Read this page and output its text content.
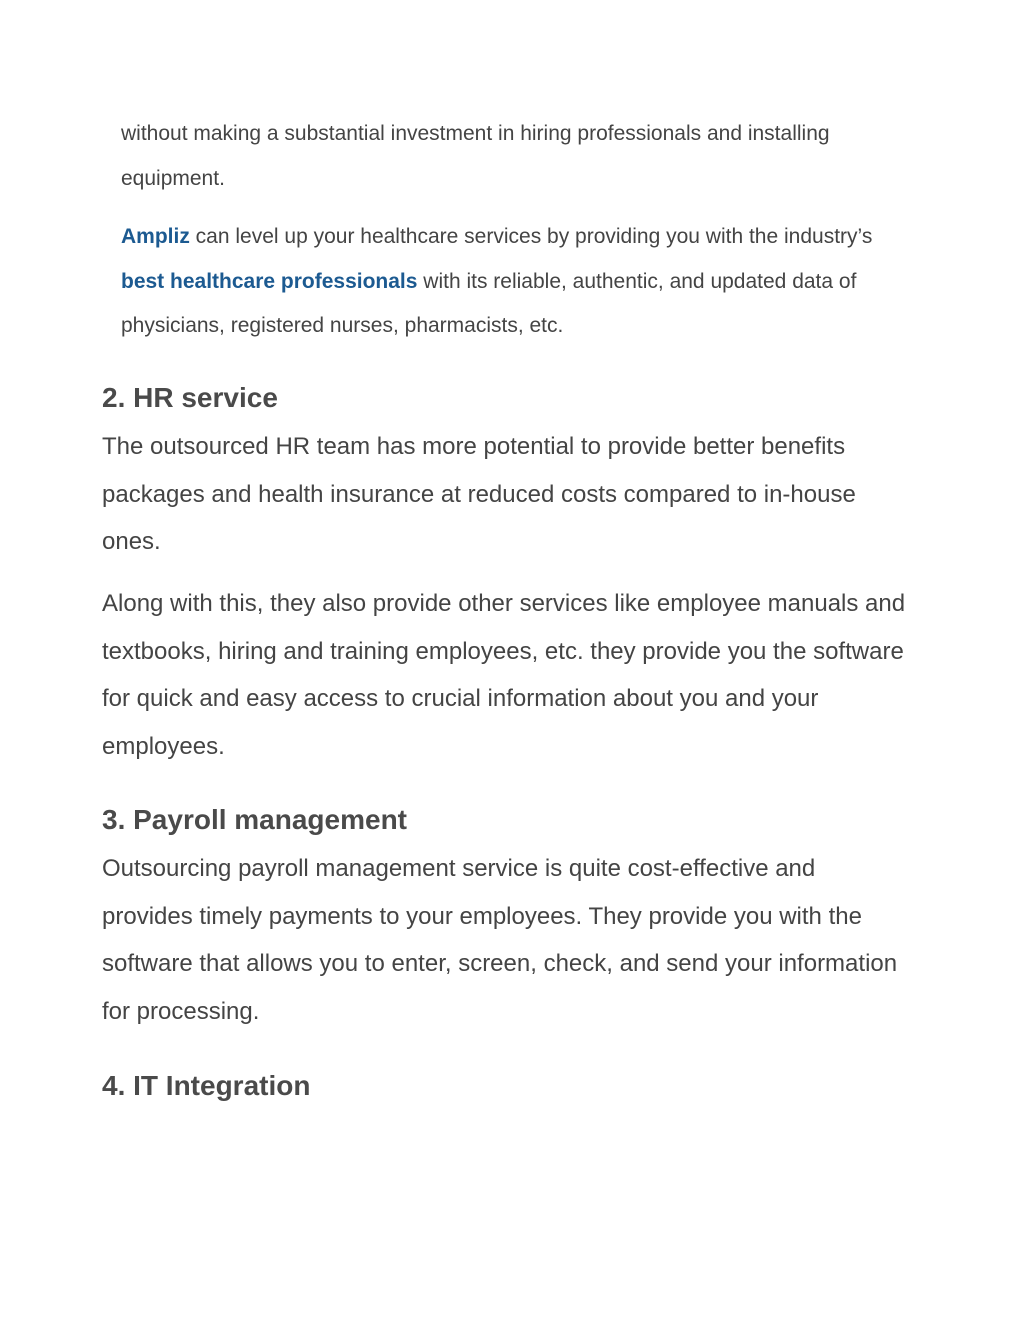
without making a substantial investment in hiring professionals and installing equipment.

Ampliz can level up your healthcare services by providing you with the industry’s best healthcare professionals with its reliable, authentic, and updated data of physicians, registered nurses, pharmacists, etc.

2. HR service

The outsourced HR team has more potential to provide better benefits packages and health insurance at reduced costs compared to in-house ones.

Along with this, they also provide other services like employee manuals and textbooks, hiring and training employees, etc. they provide you the software for quick and easy access to crucial information about you and your employees.

3. Payroll management

Outsourcing payroll management service is quite cost-effective and provides timely payments to your employees. They provide you with the software that allows you to enter, screen, check, and send your information for processing.

4. IT Integration
